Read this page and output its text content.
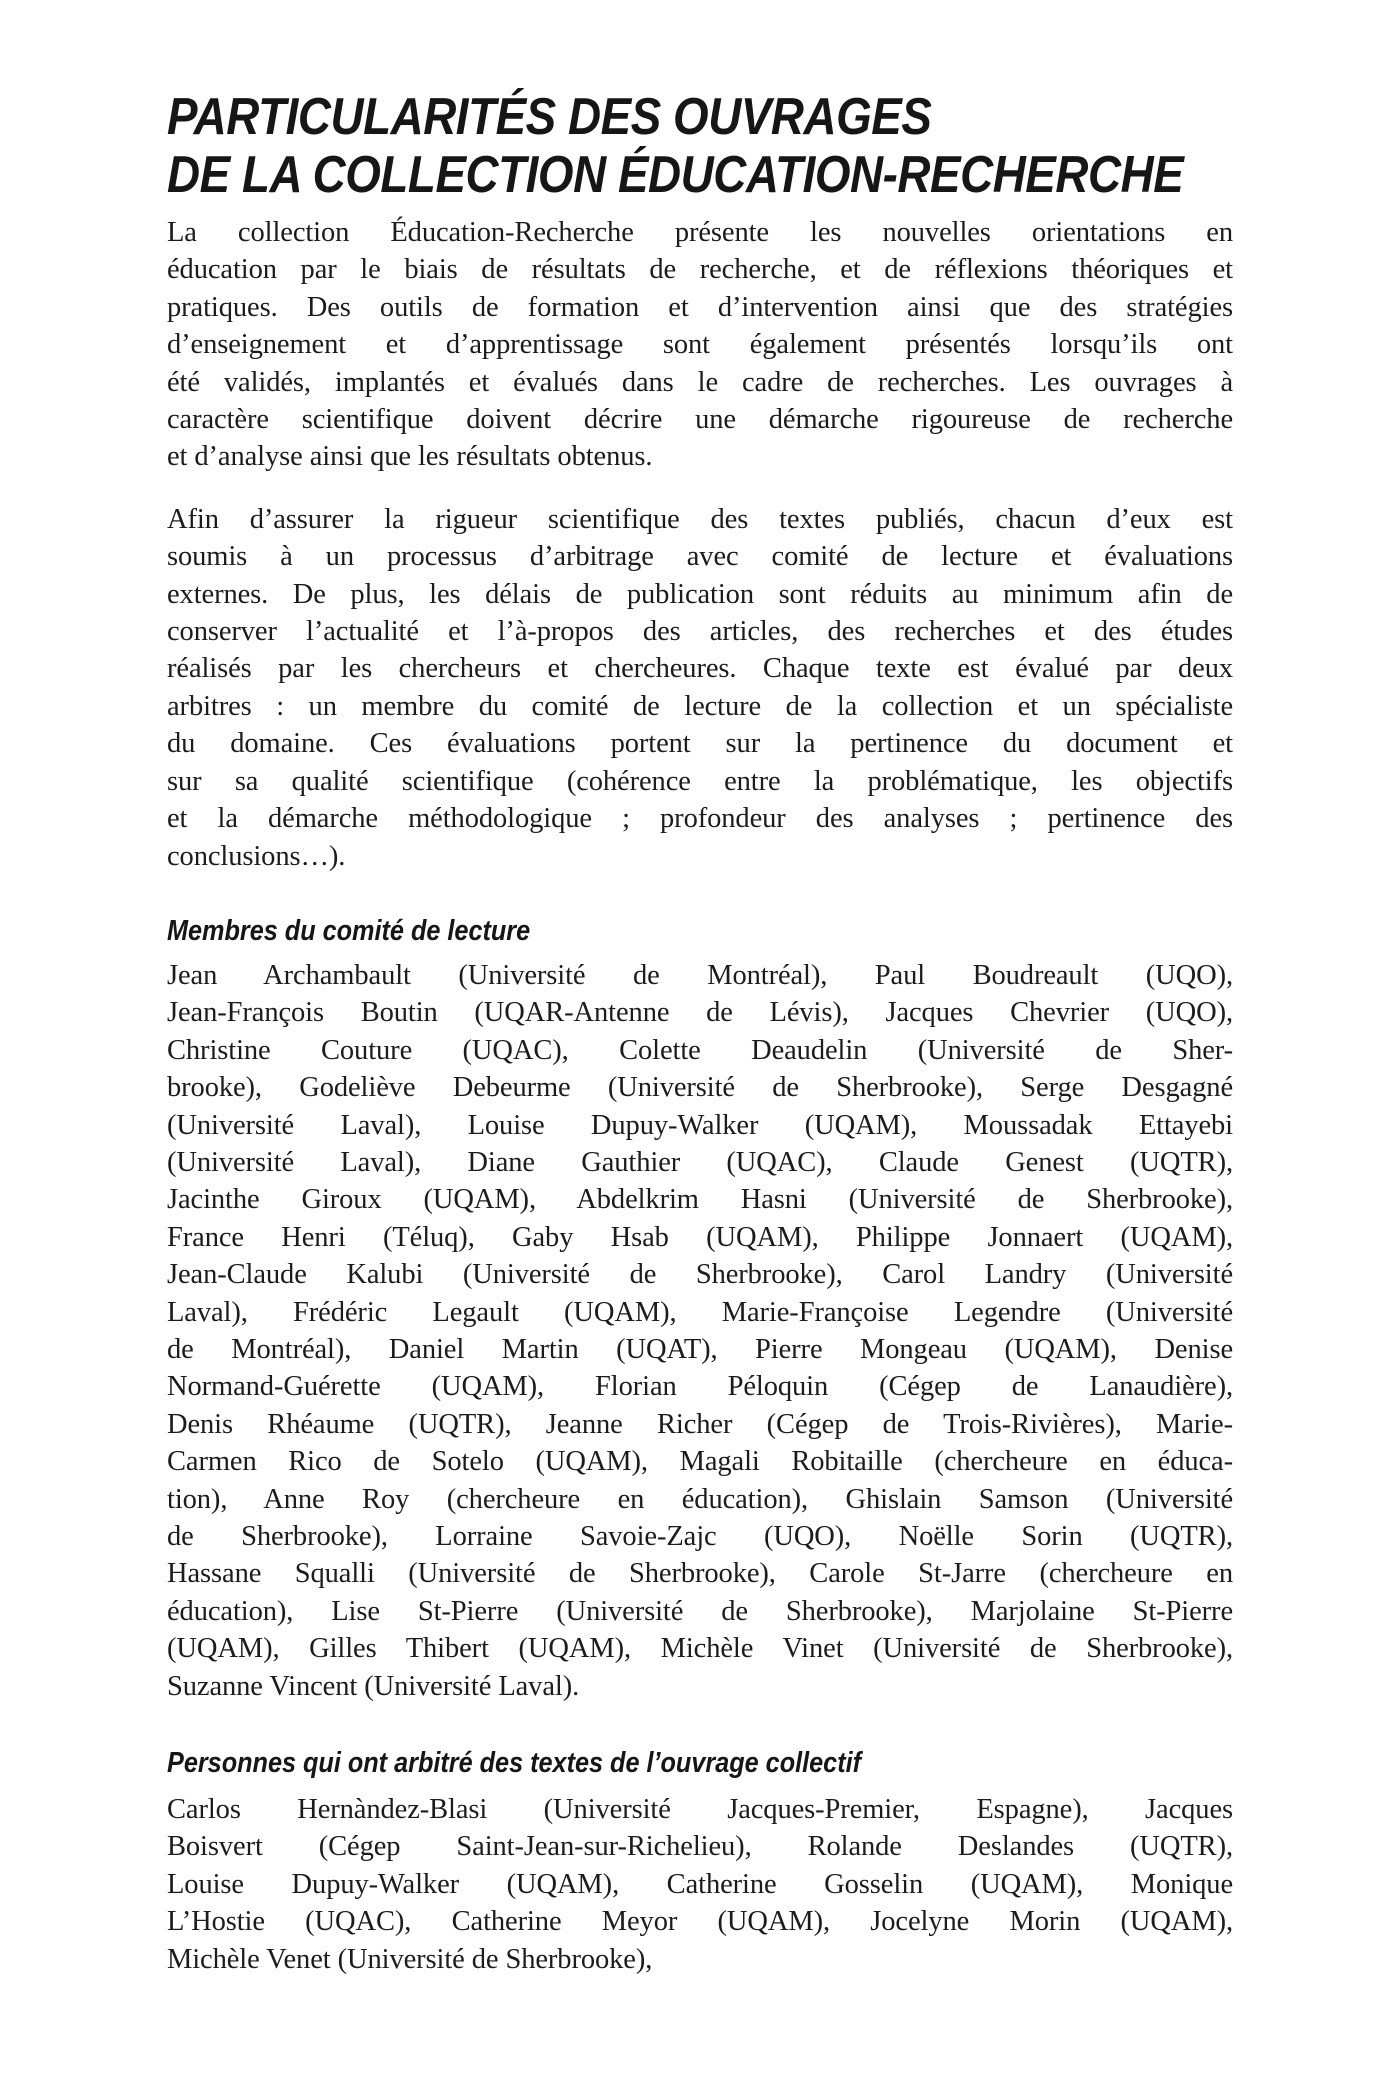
PARTICULARITÉS DES OUVRAGES
DE LA COLLECTION ÉDUCATION-RECHERCHE
La collection Éducation-Recherche présente les nouvelles orientations en
éducation par le biais de résultats de recherche, et de réflexions théoriques et
pratiques. Des outils de formation et d’intervention ainsi que des stratégies
d’enseignement et d’apprentissage sont également présentés lorsqu’ils ont
été validés, implantés et évalués dans le cadre de recherches. Les ouvrages à
caractère scientifique doivent décrire une démarche rigoureuse de recherche
et d’analyse ainsi que les résultats obtenus.
Afin d’assurer la rigueur scientifique des textes publiés, chacun d’eux est
soumis à un processus d’arbitrage avec comité de lecture et évaluations
externes. De plus, les délais de publication sont réduits au minimum afin de
conserver l’actualité et l’à-propos des articles, des recherches et des études
réalisés par les chercheurs et chercheures. Chaque texte est évalué par deux
arbitres : un membre du comité de lecture de la collection et un spécialiste
du domaine. Ces évaluations portent sur la pertinence du document et
sur sa qualité scientifique (cohérence entre la problématique, les objectifs
et la démarche méthodologique ; profondeur des analyses ; pertinence des
conclusions…).
Membres du comité de lecture
Jean Archambault (Université de Montréal), Paul Boudreault (UQO),
Jean-François Boutin (UQAR-Antenne de Lévis), Jacques Chevrier (UQO),
Christine Couture (UQAC), Colette Deaudelin (Université de Sher-
brooke), Godeliève Debeurme (Université de Sherbrooke), Serge Desgagné
(Université Laval), Louise Dupuy-Walker (UQAM), Moussadak Ettayebi
(Université Laval), Diane Gauthier (UQAC), Claude Genest (UQTR),
Jacinthe Giroux (UQAM), Abdelkrim Hasni (Université de Sherbrooke),
France Henri (Téluq), Gaby Hsab (UQAM), Philippe Jonnaert (UQAM),
Jean-Claude Kalubi (Université de Sherbrooke), Carol Landry (Université
Laval), Frédéric Legault (UQAM), Marie-Françoise Legendre (Université
de Montréal), Daniel Martin (UQAT), Pierre Mongeau (UQAM), Denise
Normand-Guérette (UQAM), Florian Péloquin (Cégep de Lanaudière),
Denis Rhéaume (UQTR), Jeanne Richer (Cégep de Trois-Rivières), Marie-
Carmen Rico de Sotelo (UQAM), Magali Robitaille (chercheure en éduca-
tion), Anne Roy (chercheure en éducation), Ghislain Samson (Université
de Sherbrooke), Lorraine Savoie-Zajc (UQO), Noëlle Sorin (UQTR),
Hassane Squalli (Université de Sherbrooke), Carole St-Jarre (chercheure en
éducation), Lise St-Pierre (Université de Sherbrooke), Marjolaine St-Pierre
(UQAM), Gilles Thibert (UQAM), Michèle Vinet (Université de Sherbrooke),
Suzanne Vincent (Université Laval).
Personnes qui ont arbitré des textes de l’ouvrage collectif
Carlos Hernàndez-Blasi (Université Jacques-Premier, Espagne), Jacques
Boisvert (Cégep Saint-Jean-sur-Richelieu), Rolande Deslandes (UQTR),
Louise Dupuy-Walker (UQAM), Catherine Gosselin (UQAM), Monique
L’Hostie (UQAC), Catherine Meyor (UQAM), Jocelyne Morin (UQAM),
Michèle Venet (Université de Sherbrooke),
